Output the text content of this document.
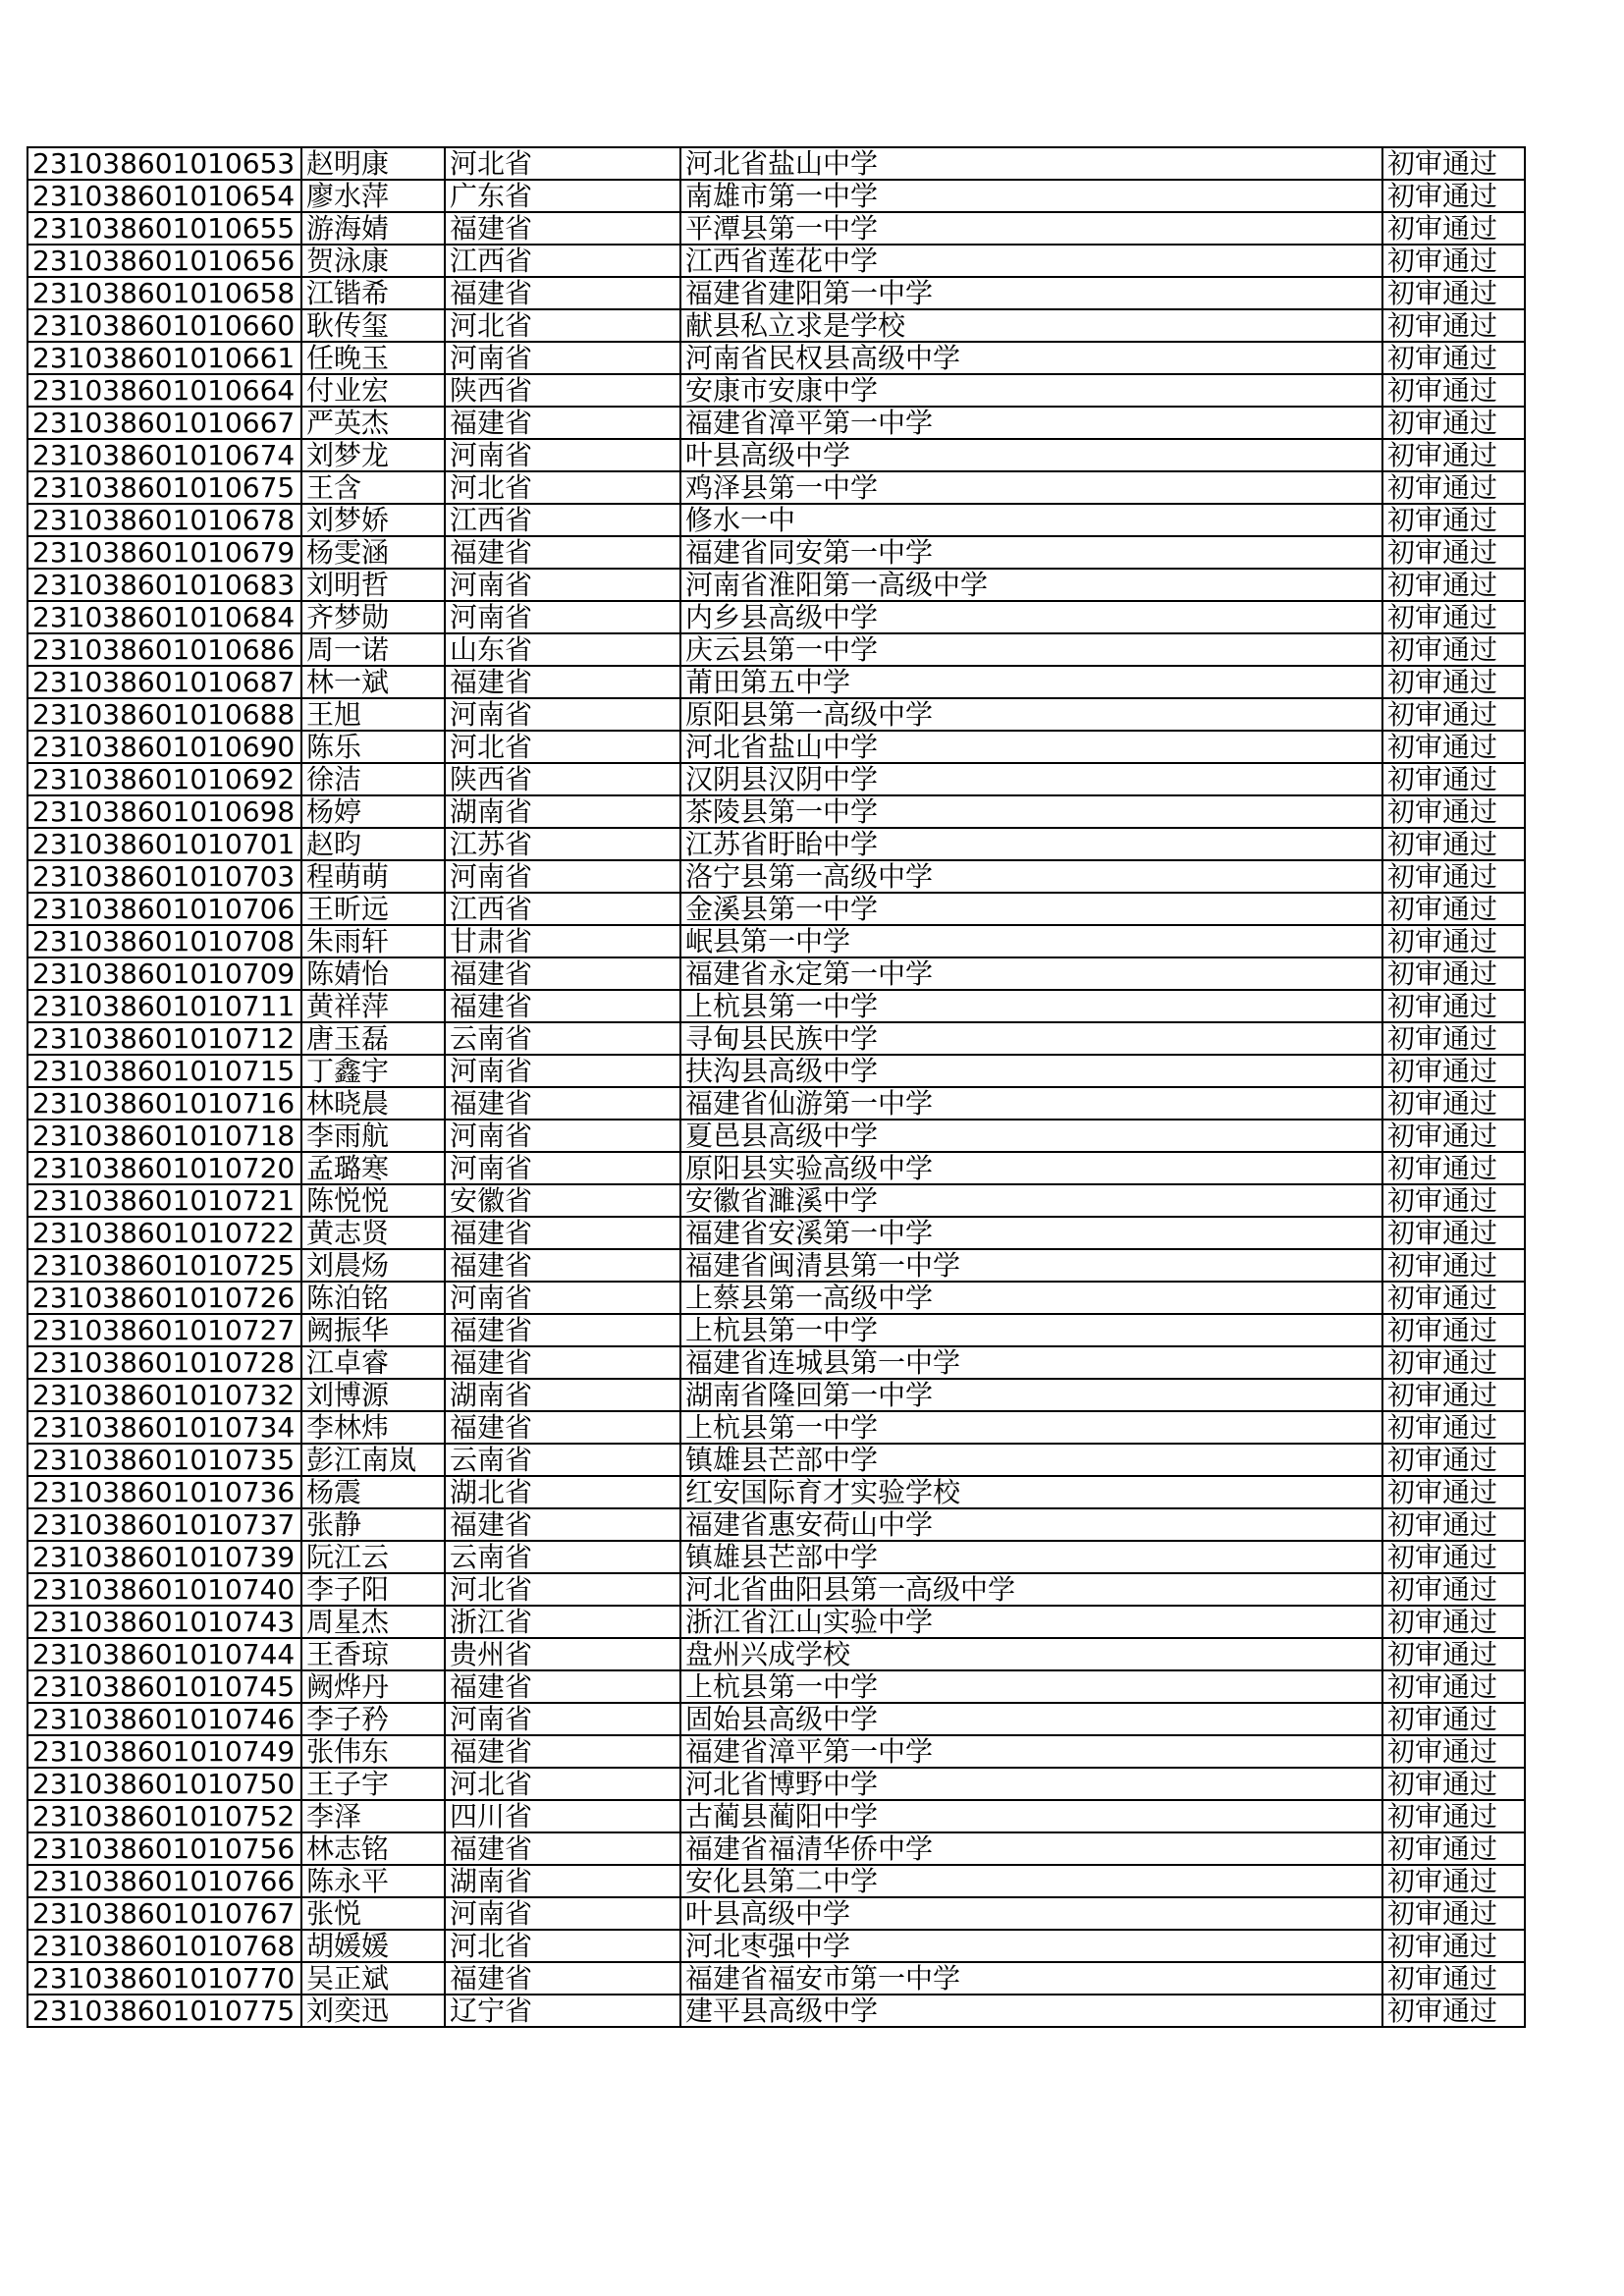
231038601010653	赵明康	河北省	河北省盐山中学	初审通过
231038601010654	廖水萍	广东省	南雄市第一中学	初审通过
231038601010655	游海婧	福建省	平潭县第一中学	初审通过
231038601010656	贺泳康	江西省	江西省莲花中学	初审通过
231038601010658	江锴希	福建省	福建省建阳第一中学	初审通过
231038601010660	耿传玺	河北省	献县私立求是学校	初审通过
231038601010661	任晚玉	河南省	河南省民权县高级中学	初审通过
231038601010664	付业宏	陕西省	安康市安康中学	初审通过
231038601010667	严英杰	福建省	福建省漳平第一中学	初审通过
231038601010674	刘梦龙	河南省	叶县高级中学	初审通过
231038601010675	王含	河北省	鸡泽县第一中学	初审通过
231038601010678	刘梦娇	江西省	修水一中	初审通过
231038601010679	杨雯涵	福建省	福建省同安第一中学	初审通过
231038601010683	刘明哲	河南省	河南省淮阳第一高级中学	初审通过
231038601010684	齐梦勋	河南省	内乡县高级中学	初审通过
231038601010686	周一诺	山东省	庆云县第一中学	初审通过
231038601010687	林一斌	福建省	莆田第五中学	初审通过
231038601010688	王旭	河南省	原阳县第一高级中学	初审通过
231038601010690	陈乐	河北省	河北省盐山中学	初审通过
231038601010692	徐洁	陕西省	汉阴县汉阴中学	初审通过
231038601010698	杨婷	湖南省	茶陵县第一中学	初审通过
231038601010701	赵昀	江苏省	江苏省盱眙中学	初审通过
231038601010703	程萌萌	河南省	洛宁县第一高级中学	初审通过
231038601010706	王昕远	江西省	金溪县第一中学	初审通过
231038601010708	朱雨轩	甘肃省	岷县第一中学	初审通过
231038601010709	陈婧怡	福建省	福建省永定第一中学	初审通过
231038601010711	黄祥萍	福建省	上杭县第一中学	初审通过
231038601010712	唐玉磊	云南省	寻甸县民族中学	初审通过
231038601010715	丁鑫宇	河南省	扶沟县高级中学	初审通过
231038601010716	林晓晨	福建省	福建省仙游第一中学	初审通过
231038601010718	李雨航	河南省	夏邑县高级中学	初审通过
231038601010720	孟璐寒	河南省	原阳县实验高级中学	初审通过
231038601010721	陈悦悦	安徽省	安徽省濉溪中学	初审通过
231038601010722	黄志贤	福建省	福建省安溪第一中学	初审通过
231038601010725	刘晨炀	福建省	福建省闽清县第一中学	初审通过
231038601010726	陈泊铭	河南省	上蔡县第一高级中学	初审通过
231038601010727	阙振华	福建省	上杭县第一中学	初审通过
231038601010728	江卓睿	福建省	福建省连城县第一中学	初审通过
231038601010732	刘博源	湖南省	湖南省隆回第一中学	初审通过
231038601010734	李林炜	福建省	上杭县第一中学	初审通过
231038601010735	彭江南岚	云南省	镇雄县芒部中学	初审通过
231038601010736	杨震	湖北省	红安国际育才实验学校	初审通过
231038601010737	张静	福建省	福建省惠安荷山中学	初审通过
231038601010739	阮江云	云南省	镇雄县芒部中学	初审通过
231038601010740	李子阳	河北省	河北省曲阳县第一高级中学	初审通过
231038601010743	周星杰	浙江省	浙江省江山实验中学	初审通过
231038601010744	王香琼	贵州省	盘州兴成学校	初审通过
231038601010745	阙烨丹	福建省	上杭县第一中学	初审通过
231038601010746	李子矜	河南省	固始县高级中学	初审通过
231038601010749	张伟东	福建省	福建省漳平第一中学	初审通过
231038601010750	王子宇	河北省	河北省博野中学	初审通过
231038601010752	李泽	四川省	古蔺县蔺阳中学	初审通过
231038601010756	林志铭	福建省	福建省福清华侨中学	初审通过
231038601010766	陈永平	湖南省	安化县第二中学	初审通过
231038601010767	张悦	河南省	叶县高级中学	初审通过
231038601010768	胡媛媛	河北省	河北枣强中学	初审通过
231038601010770	吴正斌	福建省	福建省福安市第一中学	初审通过
231038601010775	刘奕迅	辽宁省	建平县高级中学	初审通过
